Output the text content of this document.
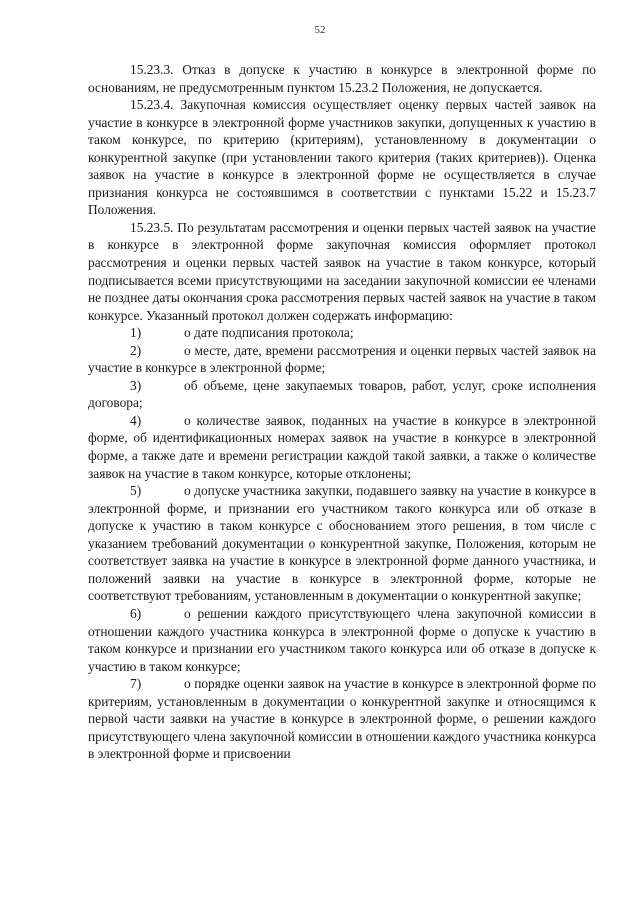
52

15.23.3. Отказ в допуске к участию в конкурсе в электронной форме по основаниям, не предусмотренным пунктом 15.23.2 Положения, не допускается.

15.23.4. Закупочная комиссия осуществляет оценку первых частей заявок на участие в конкурсе в электронной форме участников закупки, допущенных к участию в таком конкурсе, по критерию (критериям), установленному в документации о конкурентной закупке (при установлении такого критерия (таких критериев)). Оценка заявок на участие в конкурсе в электронной форме не осуществляется в случае признания конкурса не состоявшимся в соответствии с пунктами 15.22 и 15.23.7 Положения.

15.23.5. По результатам рассмотрения и оценки первых частей заявок на участие в конкурсе в электронной форме закупочная комиссия оформляет протокол рассмотрения и оценки первых частей заявок на участие в таком конкурсе, который подписывается всеми присутствующими на заседании закупочной комиссии ее членами не позднее даты окончания срока рассмотрения первых частей заявок на участие в таком конкурсе. Указанный протокол должен содержать информацию:

1)	о дате подписания протокола;

2)	о месте, дате, времени рассмотрения и оценки первых частей заявок на участие в конкурсе в электронной форме;

3)	об объеме, цене закупаемых товаров, работ, услуг, сроке исполнения договора;

4)	о количестве заявок, поданных на участие в конкурсе в электронной форме, об идентификационных номерах заявок на участие в конкурсе в электронной форме, а также дате и времени регистрации каждой такой заявки, а также о количестве заявок на участие в таком конкурсе, которые отклонены;

5)	о допуске участника закупки, подавшего заявку на участие в конкурсе в электронной форме, и признании его участником такого конкурса или об отказе в допуске к участию в таком конкурсе с обоснованием этого решения, в том числе с указанием требований документации о конкурентной закупке, Положения, которым не соответствует заявка на участие в конкурсе в электронной форме данного участника, и положений заявки на участие в конкурсе в электронной форме, которые не соответствуют требованиям, установленным в документации о конкурентной закупке;

6)	о решении каждого присутствующего члена закупочной комиссии в отношении каждого участника конкурса в электронной форме о допуске к участию в таком конкурсе и признании его участником такого конкурса или об отказе в допуске к участию в таком конкурсе;

7)	о порядке оценки заявок на участие в конкурсе в электронной форме по критериям, установленным в документации о конкурентной закупке и относящимся к первой части заявки на участие в конкурсе в электронной форме, о решении каждого присутствующего члена закупочной комиссии в отношении каждого участника конкурса в электронной форме и присвоении
